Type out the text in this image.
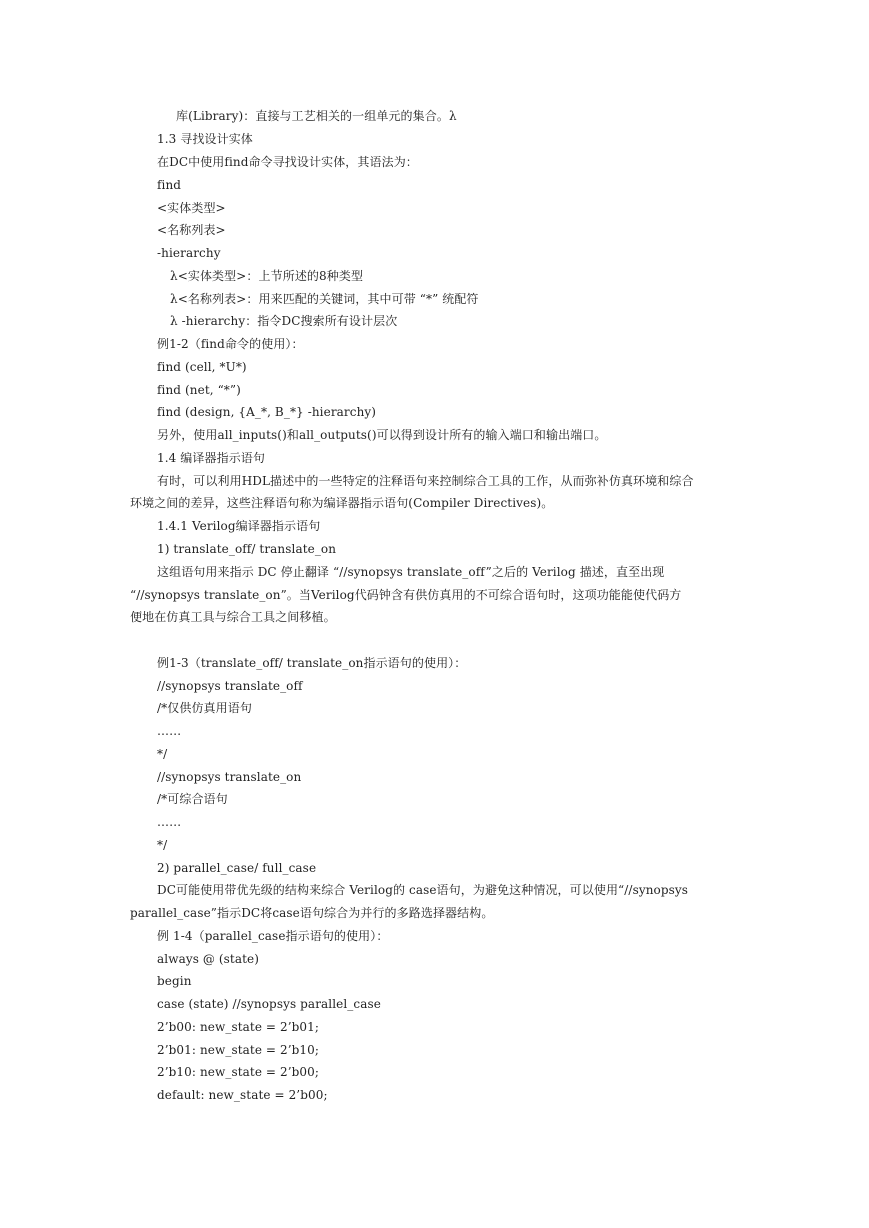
库(Library)：直接与工艺相关的一组单元的集合。λ
1.3 寻找设计实体
在DC中使用find命令寻找设计实体，其语法为：
find
<实体类型>
<名称列表>
-hierarchy
λ<实体类型>：上节所述的8种类型
λ<名称列表>：用来匹配的关键词，其中可带 “*” 统配符
λ -hierarchy：指令DC搜索所有设计层次
例1-2（find命令的使用）：
find (cell, *U*)
find (net, “*”)
find (design, {A_*, B_*} -hierarchy)
另外，使用all_inputs()和all_outputs()可以得到设计所有的输入端口和输出端口。
1.4 编译器指示语句
有时，可以利用HDL描述中的一些特定的注释语句来控制综合工具的工作，从而弥补仿真环境和综合
环境之间的差异，这些注释语句称为编译器指示语句(Compiler Directives)。
1.4.1 Verilog编译器指示语句
1) translate_off/ translate_on
这组语句用来指示 DC 停止翻译 “//synopsys translate_off”之后的 Verilog 描述，直至出现
“//synopsys translate_on”。当Verilog代码钟含有供仿真用的不可综合语句时，这项功能能使代码方
便地在仿真工具与综合工具之间移植。
例1-3（translate_off/ translate_on指示语句的使用）：
//synopsys translate_off
/*仅供仿真用语句
……
*/
//synopsys translate_on
/*可综合语句
……
*/
2) parallel_case/ full_case
DC可能使用带优先级的结构来综合 Verilog的 case语句，为避免这种情况，可以使用“//synopsys
parallel_case”指示DC将case语句综合为并行的多路选择器结构。
例 1-4（parallel_case指示语句的使用）：
always @ (state)
begin
case (state) //synopsys parallel_case
2’b00: new_state = 2’b01;
2’b01: new_state = 2’b10;
2’b10: new_state = 2’b00;
default: new_state = 2’b00;
